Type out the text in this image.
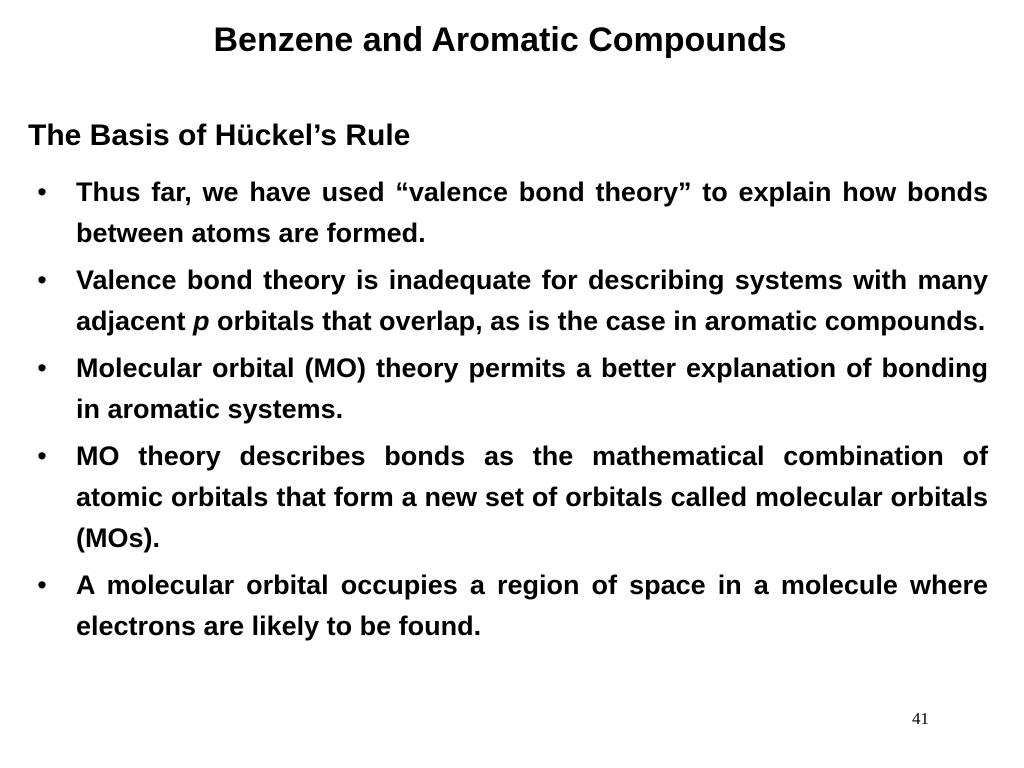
Benzene and Aromatic Compounds
The Basis of Hückel’s Rule
• Thus far, we have used “valence bond theory” to explain how bonds between atoms are formed.
• Valence bond theory is inadequate for describing systems with many adjacent p orbitals that overlap, as is the case in aromatic compounds.
• Molecular orbital (MO) theory permits a better explanation of bonding in aromatic systems.
• MO theory describes bonds as the mathematical combination of atomic orbitals that form a new set of orbitals called molecular orbitals (MOs).
• A molecular orbital occupies a region of space in a molecule where electrons are likely to be found.
41
